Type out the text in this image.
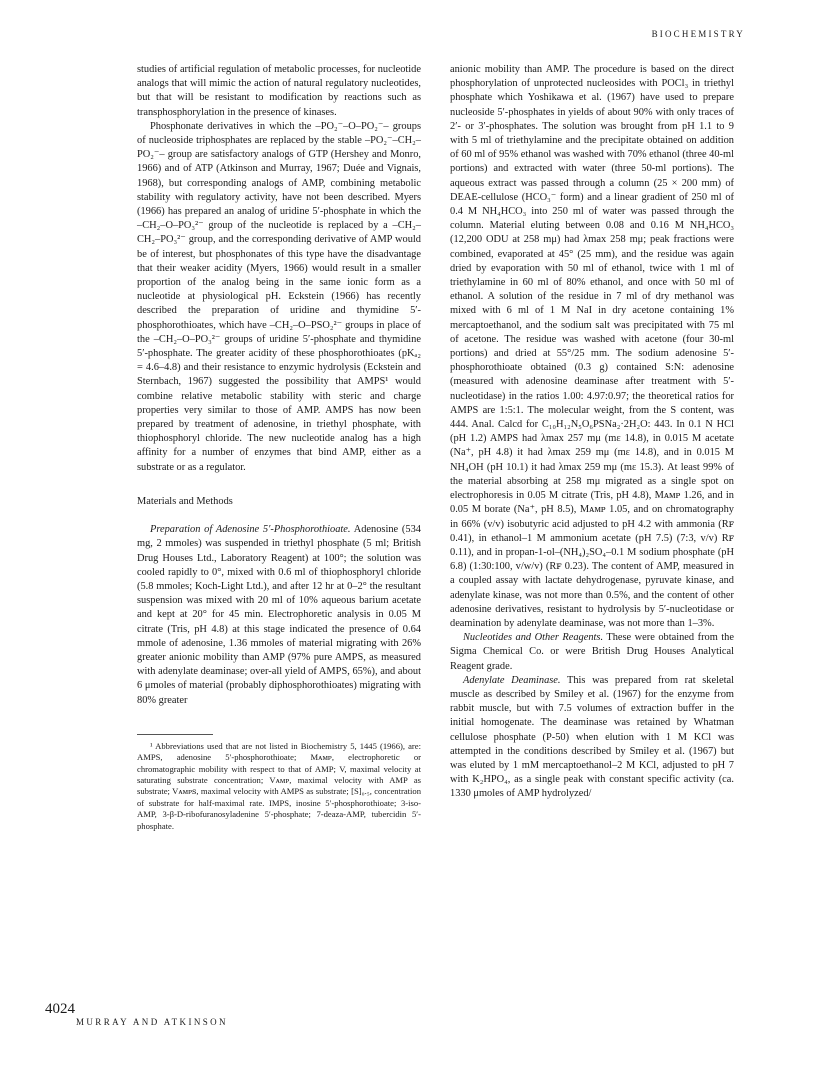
BIOCHEMISTRY

studies of artificial regulation of metabolic processes, for nucleotide analogs that will mimic the action of natural regulatory nucleotides, but that will be resistant to modification by reactions such as transphosphorylation in the presence of kinases.

Phosphonate derivatives in which the –PO₂⁻–O–PO₂⁻– groups of nucleoside triphosphates are replaced by the stable –PO₂⁻–CH₂–PO₂⁻– group are satisfactory analogs of GTP (Hershey and Monro, 1966) and of ATP (Atkinson and Murray, 1967; Duée and Vignais, 1968), but corresponding analogs of AMP, combining metabolic stability with regulatory activity, have not been described. Myers (1966) has prepared an analog of uridine 5′-phosphate in which the –CH₂–O–PO₃²⁻ group of the nucleotide is replaced by a –CH₂–CH₂–PO₃²⁻ group, and the corresponding derivative of AMP would be of interest, but phosphonates of this type have the disadvantage that their weaker acidity (Myers, 1966) would result in a smaller proportion of the analog being in the same ionic form as a nucleotide at physiological pH. Eckstein (1966) has recently described the preparation of uridine and thymidine 5′-phosphorothioates, which have –CH₂–O–PSO₂²⁻ groups in place of the –CH₂–O–PO₃²⁻ groups of uridine 5′-phosphate and thymidine 5′-phosphate. The greater acidity of these phosphorothioates (pKₐ₂ = 4.6–4.8) and their resistance to enzymic hydrolysis (Eckstein and Sternbach, 1967) suggested the possibility that AMPS¹ would combine relative metabolic stability with steric and charge properties very similar to those of AMP. AMPS has now been prepared by treatment of adenosine, in triethyl phosphate, with thiophosphoryl chloride. The new nucleotide analog has a high affinity for a number of enzymes that bind AMP, either as a substrate or as a regulator.

Materials and Methods

Preparation of Adenosine 5′-Phosphorothioate. Adenosine (534 mg, 2 mmoles) was suspended in triethyl phosphate (5 ml; British Drug Houses Ltd., Laboratory Reagent) at 100°; the solution was cooled rapidly to 0°, mixed with 0.6 ml of thiophosphoryl chloride (5.8 mmoles; Koch-Light Ltd.), and after 12 hr at 0–2° the resultant suspension was mixed with 20 ml of 10% aqueous barium acetate and kept at 20° for 45 min. Electrophoretic analysis in 0.05 M citrate (Tris, pH 4.8) at this stage indicated the presence of 0.64 mmole of adenosine, 1.36 mmoles of material migrating with 26% greater anionic mobility than AMP (97% pure AMPS, as measured with adenylate deaminase; over-all yield of AMPS, 65%), and about 6 μmoles of material (probably diphosphorothioates) migrating with 80% greater

¹ Abbreviations used that are not listed in Biochemistry 5, 1445 (1966), are: AMPS, adenosine 5′-phosphorothioate; Mᴀᴍᴘ, electrophoretic or chromatographic mobility with respect to that of AMP; V, maximal velocity at saturating substrate concentration; Vᴀᴍᴘ, maximal velocity with AMP as substrate; Vᴀᴍᴘꜱ, maximal velocity with AMPS as substrate; [S]₀.₅, concentration of substrate for half-maximal rate. IMPS, inosine 5′-phosphorothioate; 3-iso-AMP, 3-β-D-ribofuranosyladenine 5′-phosphate; 7-deaza-AMP, tubercidin 5′-phosphate.

anionic mobility than AMP. The procedure is based on the direct phosphorylation of unprotected nucleosides with POCl₃ in triethyl phosphate which Yoshikawa et al. (1967) have used to prepare nucleoside 5′-phosphates in yields of about 90% with only traces of 2′- or 3′-phosphates. The solution was brought from pH 1.1 to 9 with 5 ml of triethylamine and the precipitate obtained on addition of 60 ml of 95% ethanol was washed with 70% ethanol (three 40-ml portions) and extracted with water (three 50-ml portions). The aqueous extract was passed through a column (25 × 200 mm) of DEAE-cellulose (HCO₃⁻ form) and a linear gradient of 250 ml of 0.4 M NH₄HCO₃ into 250 ml of water was passed through the column. Material eluting between 0.08 and 0.16 M NH₄HCO₃ (12,200 ODU at 258 mμ) had λmax 258 mμ; peak fractions were combined, evaporated at 45° (25 mm), and the residue was again dried by evaporation with 50 ml of ethanol, twice with 1 ml of triethylamine in 60 ml of 80% ethanol, and once with 50 ml of ethanol. A solution of the residue in 7 ml of dry methanol was mixed with 6 ml of 1 M NaI in dry acetone containing 1% mercaptoethanol, and the sodium salt was precipitated with 75 ml of acetone. The residue was washed with acetone (four 30-ml portions) and dried at 55°/25 mm. The sodium adenosine 5′-phosphorothioate obtained (0.3 g) contained S:N: adenosine (measured with adenosine deaminase after treatment with 5′-nucleotidase) in the ratios 1.00: 4.97:0.97; the theoretical ratios for AMPS are 1:5:1. The molecular weight, from the S content, was 444. Anal. Calcd for C₁₀H₁₂N₅O₆PSNa₂·2H₂O: 443. In 0.1 N HCl (pH 1.2) AMPS had λmax 257 mμ (mε 14.8), in 0.015 M acetate (Na⁺, pH 4.8) it had λmax 259 mμ (mε 14.8), and in 0.015 M NH₄OH (pH 10.1) it had λmax 259 mμ (mε 15.3). At least 99% of the material absorbing at 258 mμ migrated as a single spot on electrophoresis in 0.05 M citrate (Tris, pH 4.8), Mᴀᴍᴘ 1.26, and in 0.05 M borate (Na⁺, pH 8.5), Mᴀᴍᴘ 1.05, and on chromatography in 66% (v/v) isobutyric acid adjusted to pH 4.2 with ammonia (Rꜰ 0.41), in ethanol–1 M ammonium acetate (pH 7.5) (7:3, v/v) Rꜰ 0.11), and in propan-1-ol–(NH₄)₂SO₄–0.1 M sodium phosphate (pH 6.8) (1:30:100, v/w/v) (Rꜰ 0.23). The content of AMP, measured in a coupled assay with lactate dehydrogenase, pyruvate kinase, and adenylate kinase, was not more than 0.5%, and the content of other adenosine derivatives, resistant to hydrolysis by 5′-nucleotidase or deamination by adenylate deaminase, was not more than 1–3%.

Nucleotides and Other Reagents. These were obtained from the Sigma Chemical Co. or were British Drug Houses Analytical Reagent grade.

Adenylate Deaminase. This was prepared from rat skeletal muscle as described by Smiley et al. (1967) for the enzyme from rabbit muscle, but with 7.5 volumes of extraction buffer in the initial homogenate. The deaminase was retained by Whatman cellulose phosphate (P-50) when elution with 1 M KCl was attempted in the conditions described by Smiley et al. (1967) but was eluted by 1 mM mercaptoethanol–2 M KCl, adjusted to pH 7 with K₂HPO₄, as a single peak with constant specific activity (ca. 1330 μmoles of AMP hydrolyzed/

4024
MURRAY AND ATKINSON
